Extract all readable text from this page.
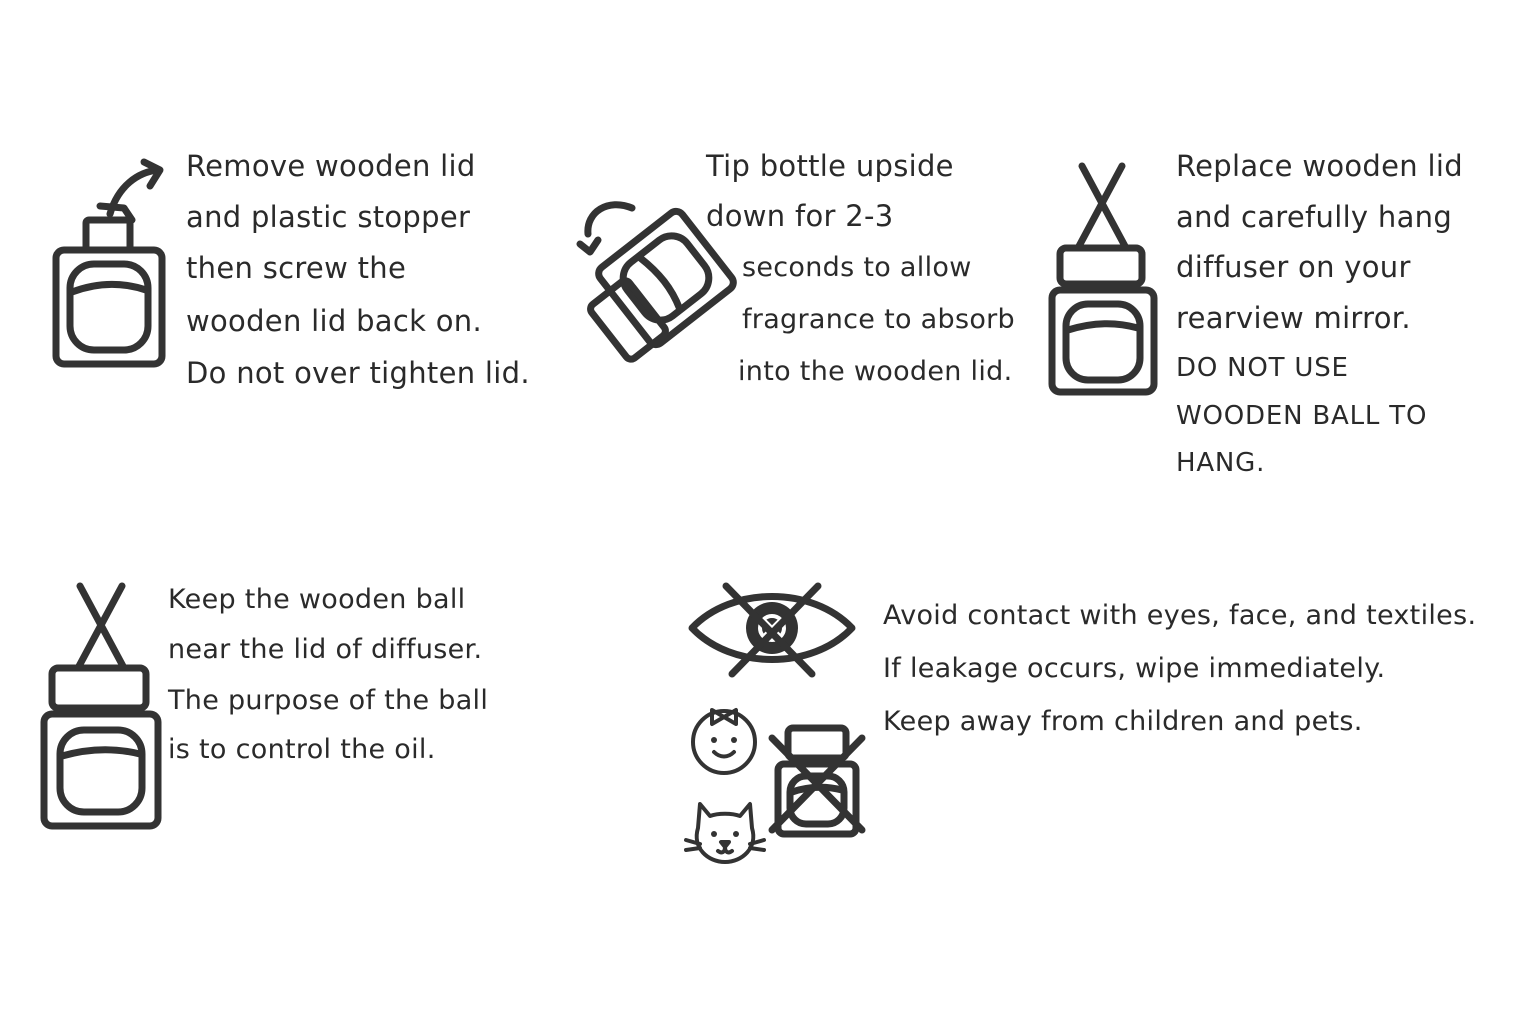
Remove wooden lid
and plastic stopper
then screw the
wooden lid back on.
Do not over tighten lid.
Tip bottle upside
down for 2-3
seconds to allow
fragrance to absorb
into the wooden lid.
Replace wooden lid
and carefully hang
diffuser on your
rearview mirror.
DO NOT USE
WOODEN BALL TO
HANG.
Keep the wooden ball
near the lid of diffuser.
The purpose of the ball
is to control the oil.
Avoid contact with eyes, face, and textiles.
If leakage occurs, wipe immediately.
Keep away from children and pets.
